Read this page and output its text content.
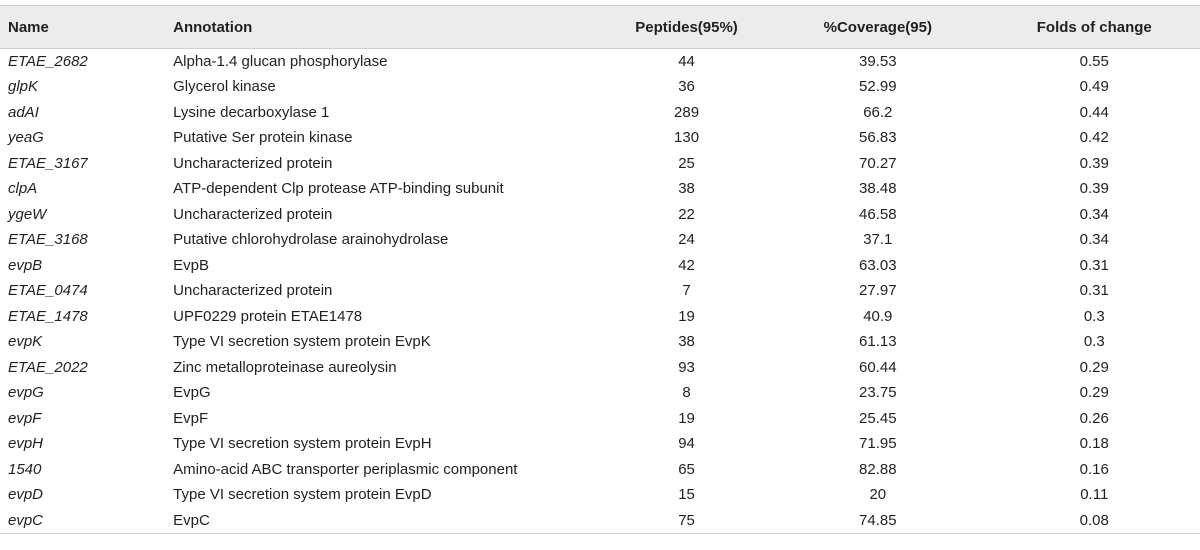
Name	Annotation	Peptides(95%)	%Coverage(95)	Folds of change
ETAE_2682	Alpha-1.4 glucan phosphorylase	44	39.53	0.55
glpK	Glycerol kinase	36	52.99	0.49
adAI	Lysine decarboxylase 1	289	66.2	0.44
yeaG	Putative Ser protein kinase	130	56.83	0.42
ETAE_3167	Uncharacterized protein	25	70.27	0.39
clpA	ATP-dependent Clp protease ATP-binding subunit	38	38.48	0.39
ygeW	Uncharacterized protein	22	46.58	0.34
ETAE_3168	Putative chlorohydrolase arainohydrolase	24	37.1	0.34
evpB	EvpB	42	63.03	0.31
ETAE_0474	Uncharacterized protein	7	27.97	0.31
ETAE_1478	UPF0229 protein ETAE1478	19	40.9	0.3
evpK	Type VI secretion system protein EvpK	38	61.13	0.3
ETAE_2022	Zinc metalloproteinase aureolysin	93	60.44	0.29
evpG	EvpG	8	23.75	0.29
evpF	EvpF	19	25.45	0.26
evpH	Type VI secretion system protein EvpH	94	71.95	0.18
1540	Amino-acid ABC transporter periplasmic component	65	82.88	0.16
evpD	Type VI secretion system protein EvpD	15	20	0.11
evpC	EvpC	75	74.85	0.08
